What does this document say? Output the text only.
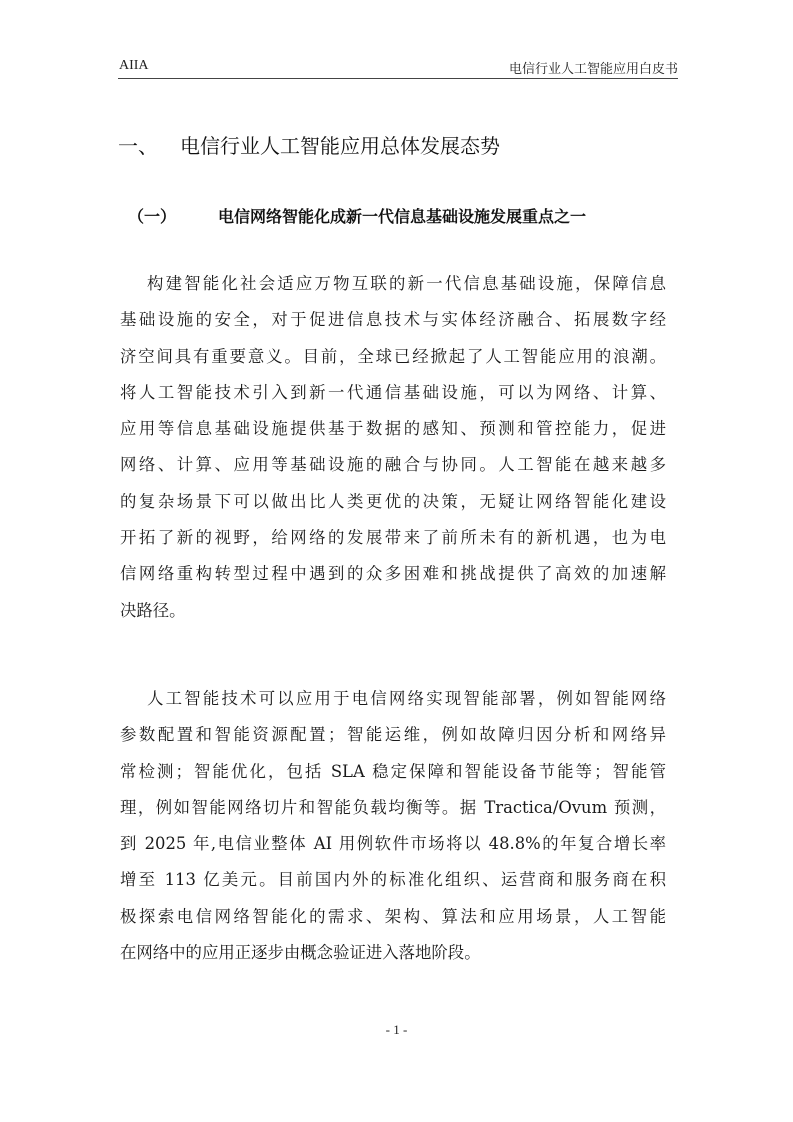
AIIA	电信行业人工智能应用白皮书
一、 电信行业人工智能应用总体发展态势
（一）	电信网络智能化成新一代信息基础设施发展重点之一
构建智能化社会适应万物互联的新一代信息基础设施，保障信息
基础设施的安全，对于促进信息技术与实体经济融合、拓展数字经
济空间具有重要意义。目前，全球已经掀起了人工智能应用的浪潮。
将人工智能技术引入到新一代通信基础设施，可以为网络、计算、
应用等信息基础设施提供基于数据的感知、预测和管控能力，促进
网络、计算、应用等基础设施的融合与协同。人工智能在越来越多
的复杂场景下可以做出比人类更优的决策，无疑让网络智能化建设
开拓了新的视野，给网络的发展带来了前所未有的新机遇，也为电
信网络重构转型过程中遇到的众多困难和挑战提供了高效的加速解
决路径。
人工智能技术可以应用于电信网络实现智能部署，例如智能网络
参数配置和智能资源配置；智能运维，例如故障归因分析和网络异
常检测；智能优化，包括 SLA 稳定保障和智能设备节能等；智能管
理，例如智能网络切片和智能负载均衡等。据 Tractica/Ovum 预测，
到 2025 年,电信业整体 AI 用例软件市场将以 48.8%的年复合增长率
增至 113 亿美元。目前国内外的标准化组织、运营商和服务商在积
极探索电信网络智能化的需求、架构、算法和应用场景，人工智能
在网络中的应用正逐步由概念验证进入落地阶段。
- 1 -
